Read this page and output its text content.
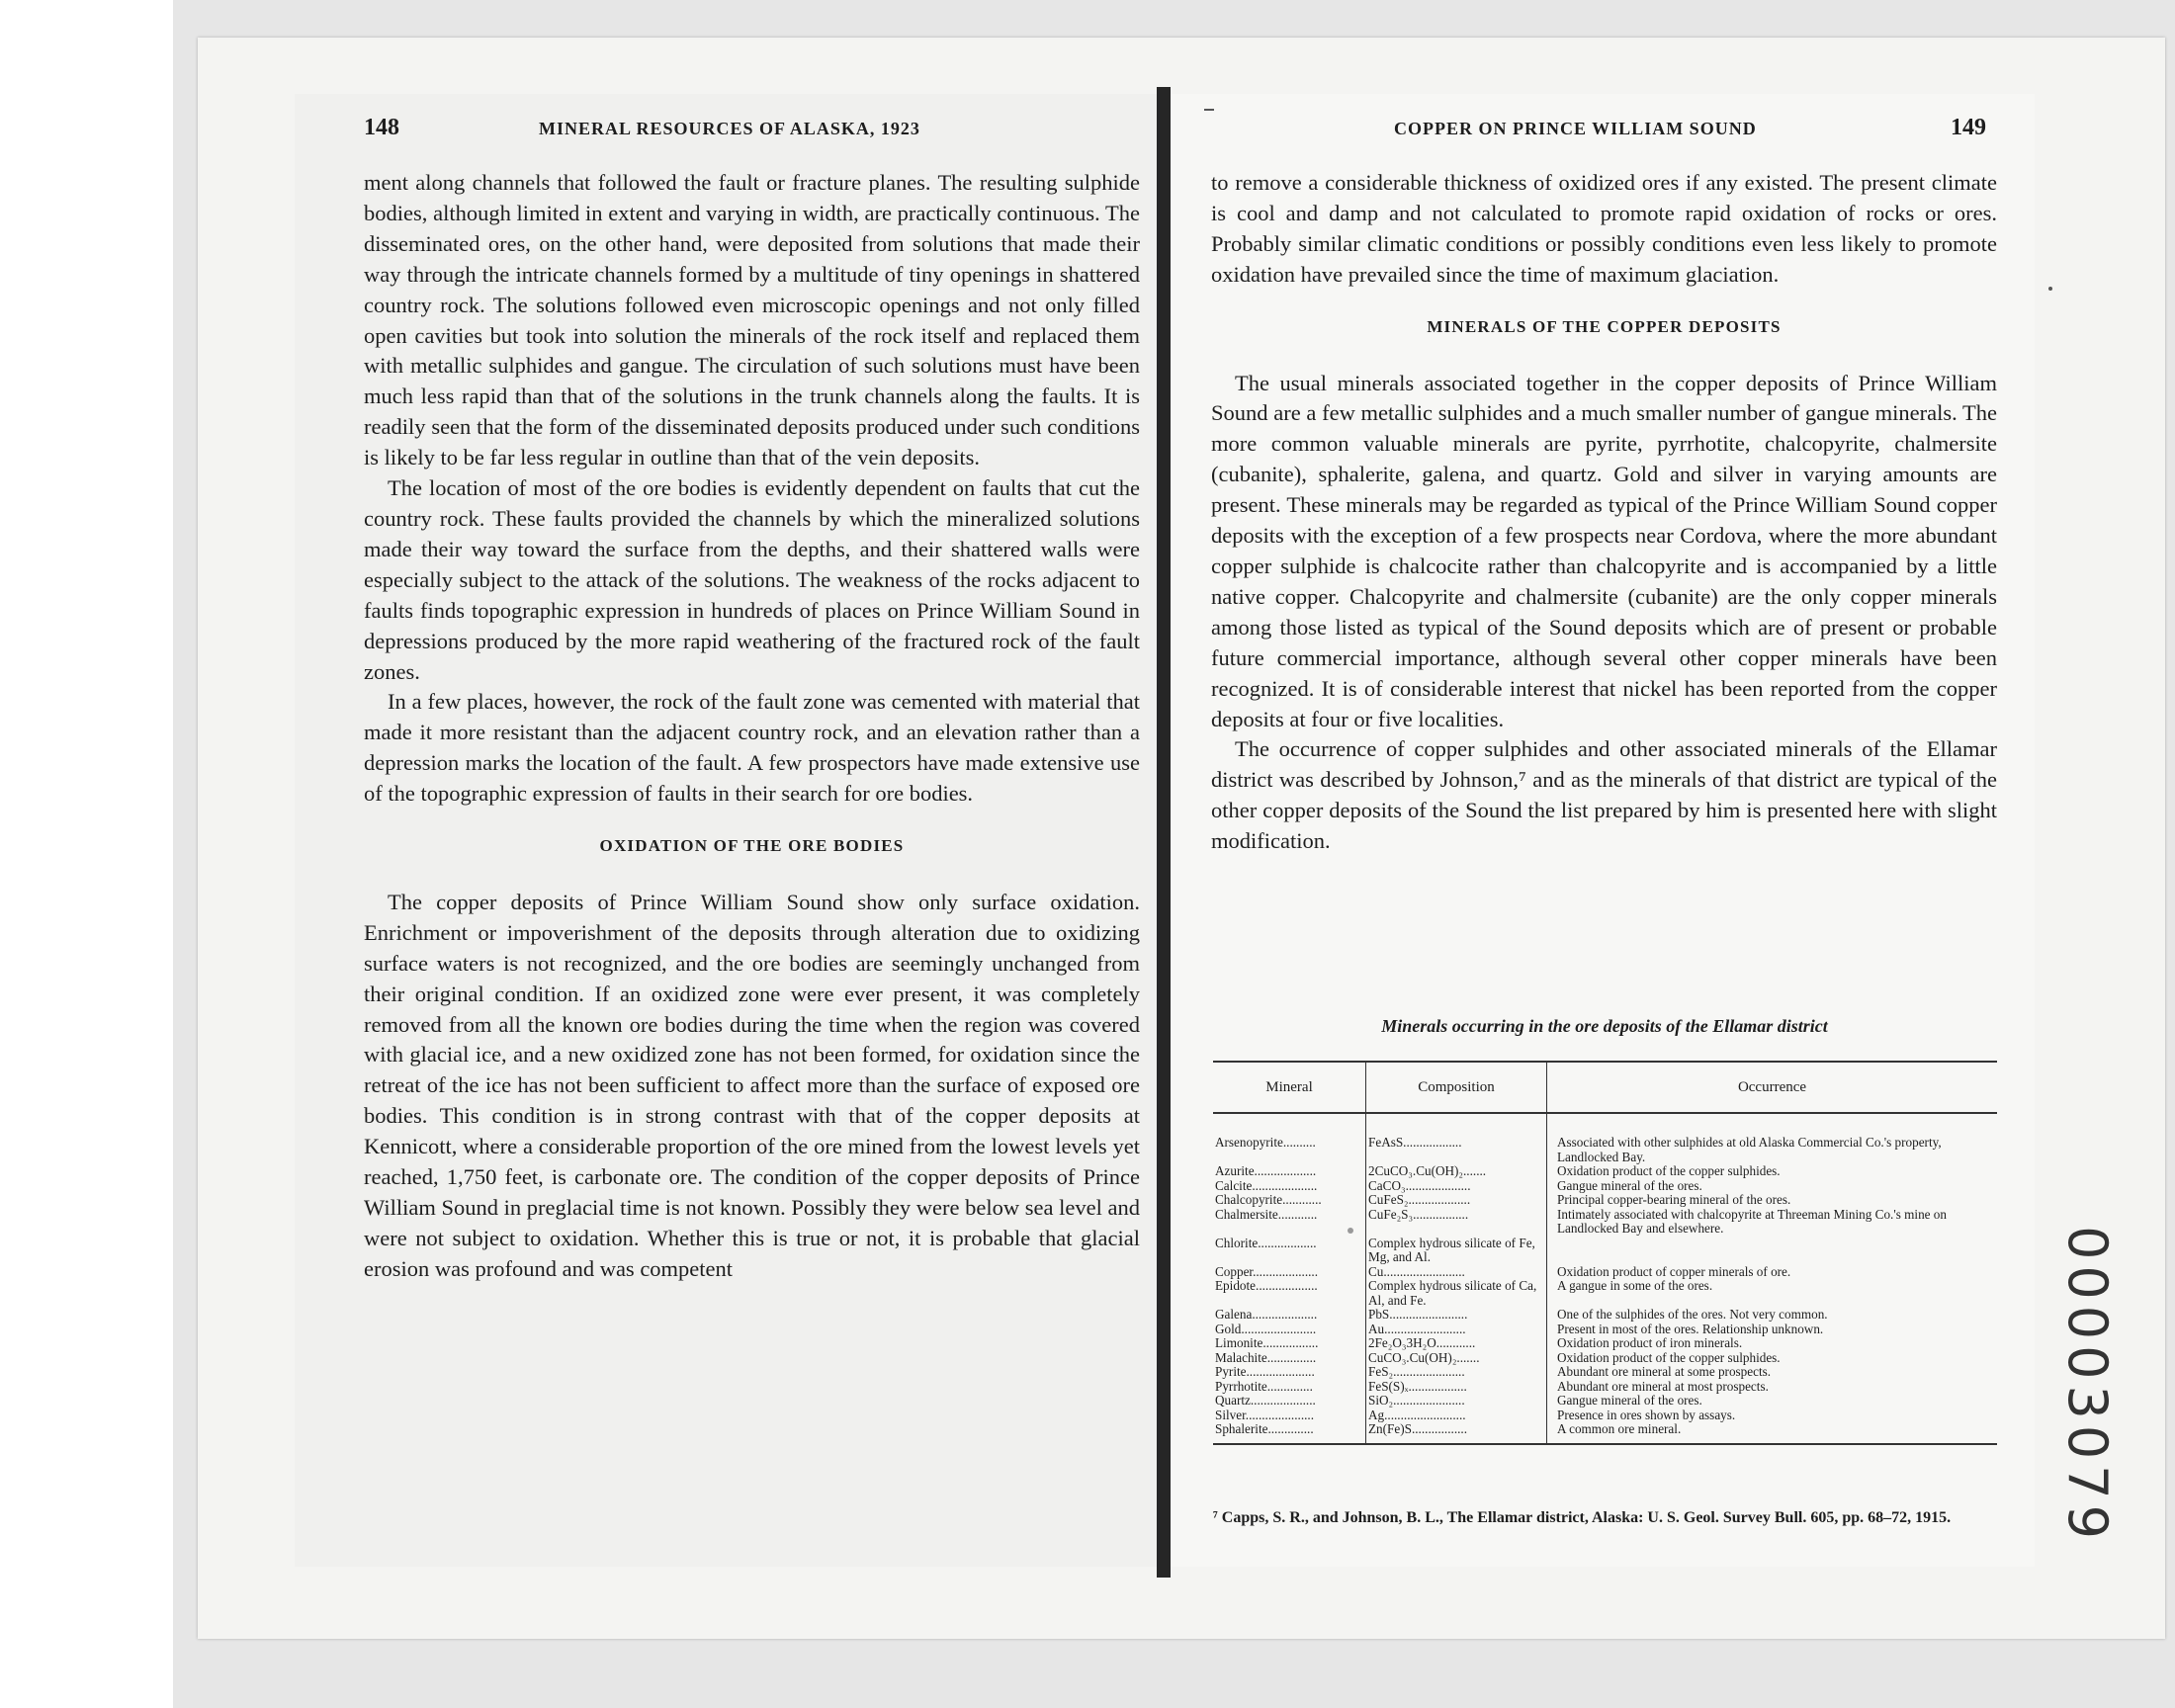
148	MINERAL RESOURCES OF ALASKA, 1923

ment along channels that followed the fault or fracture planes. The resulting sulphide bodies, although limited in extent and varying in width, are practically continuous. The disseminated ores, on the other hand, were deposited from solutions that made their way through the intricate channels formed by a multitude of tiny openings in shattered country rock. The solutions followed even microscopic openings and not only filled open cavities but took into solution the minerals of the rock itself and replaced them with metallic sulphides and gangue. The circulation of such solutions must have been much less rapid than that of the solutions in the trunk channels along the faults. It is readily seen that the form of the disseminated deposits produced under such conditions is likely to be far less regular in outline than that of the vein deposits.

The location of most of the ore bodies is evidently dependent on faults that cut the country rock. These faults provided the channels by which the mineralized solutions made their way toward the surface from the depths, and their shattered walls were especially subject to the attack of the solutions. The weakness of the rocks adjacent to faults finds topographic expression in hundreds of places on Prince William Sound in depressions produced by the more rapid weathering of the fractured rock of the fault zones.

In a few places, however, the rock of the fault zone was cemented with material that made it more resistant than the adjacent country rock, and an elevation rather than a depression marks the location of the fault. A few prospectors have made extensive use of the topographic expression of faults in their search for ore bodies.

OXIDATION OF THE ORE BODIES

The copper deposits of Prince William Sound show only surface oxidation. Enrichment or impoverishment of the deposits through alteration due to oxidizing surface waters is not recognized, and the ore bodies are seemingly unchanged from their original condition. If an oxidized zone were ever present, it was completely removed from all the known ore bodies during the time when the region was covered with glacial ice, and a new oxidized zone has not been formed, for oxidation since the retreat of the ice has not been sufficient to affect more than the surface of exposed ore bodies. This condition is in strong contrast with that of the copper deposits at Kennicott, where a considerable proportion of the ore mined from the lowest levels yet reached, 1,750 feet, is carbonate ore. The condition of the copper deposits of Prince William Sound in preglacial time is not known. Possibly they were below sea level and were not subject to oxidation. Whether this is true or not, it is probable that glacial erosion was profound and was competent

COPPER ON PRINCE WILLIAM SOUND	149

to remove a considerable thickness of oxidized ores if any existed. The present climate is cool and damp and not calculated to promote rapid oxidation of rocks or ores. Probably similar climatic conditions or possibly conditions even less likely to promote oxidation have prevailed since the time of maximum glaciation.

MINERALS OF THE COPPER DEPOSITS

The usual minerals associated together in the copper deposits of Prince William Sound are a few metallic sulphides and a much smaller number of gangue minerals. The more common valuable minerals are pyrite, pyrrhotite, chalcopyrite, chalmersite (cubanite), sphalerite, galena, and quartz. Gold and silver in varying amounts are present. These minerals may be regarded as typical of the Prince William Sound copper deposits with the exception of a few prospects near Cordova, where the more abundant copper sulphide is chalcocite rather than chalcopyrite and is accompanied by a little native copper. Chalcopyrite and chalmersite (cubanite) are the only copper minerals among those listed as typical of the Sound deposits which are of present or probable future commercial importance, although several other copper minerals have been recognized. It is of considerable interest that nickel has been reported from the copper deposits at four or five localities.

The occurrence of copper sulphides and other associated minerals of the Ellamar district was described by Johnson,⁷ and as the minerals of that district are typical of the other copper deposits of the Sound the list prepared by him is presented here with slight modification.

Minerals occurring in the ore deposits of the Ellamar district
Mineral	Composition	Occurrence
Arsenopyrite..........	FeAsS..................	Associated with other sulphides at old Alaska Commercial Co.'s property, Landlocked Bay.
Azurite...................	2CuCO₃.Cu(OH)₂.......	Oxidation product of the copper sulphides.
Calcite....................	CaCO₃....................	Gangue mineral of the ores.
Chalcopyrite............	CuFeS₂...................	Principal copper-bearing mineral of the ores.
Chalmersite............	CuFe₂S₃.................	Intimately associated with chalcopyrite at Threeman Mining Co.'s mine on Landlocked Bay and elsewhere.
Chlorite..................	Complex hydrous silicate of Fe, Mg, and Al.	
Copper....................	Cu.........................	Oxidation product of copper minerals of ore.
Epidote...................	Complex hydrous silicate of Ca, Al, and Fe.	A gangue in some of the ores.
Galena....................	PbS........................	One of the sulphides of the ores. Not very common.
Gold.......................	Au.........................	Present in most of the ores. Relationship unknown.
Limonite.................	2Fe₂O₃3H₂O............	Oxidation product of iron minerals.
Malachite...............	CuCO₃.Cu(OH)₂.......	Oxidation product of the copper sulphides.
Pyrite.....................	FeS₂......................	Abundant ore mineral at some prospects.
Pyrrhotite..............	FeS(S)ₓ..................	Abundant ore mineral at most prospects.
Quartz....................	SiO₂......................	Gangue mineral of the ores.
Silver.....................	Ag.........................	Presence in ores shown by assays.
Sphalerite..............	Zn(Fe)S.................	A common ore mineral.
⁷ Capps, S. R., and Johnson, B. L., The Ellamar district, Alaska: U. S. Geol. Survey Bull. 605, pp. 68–72, 1915.	00003079
